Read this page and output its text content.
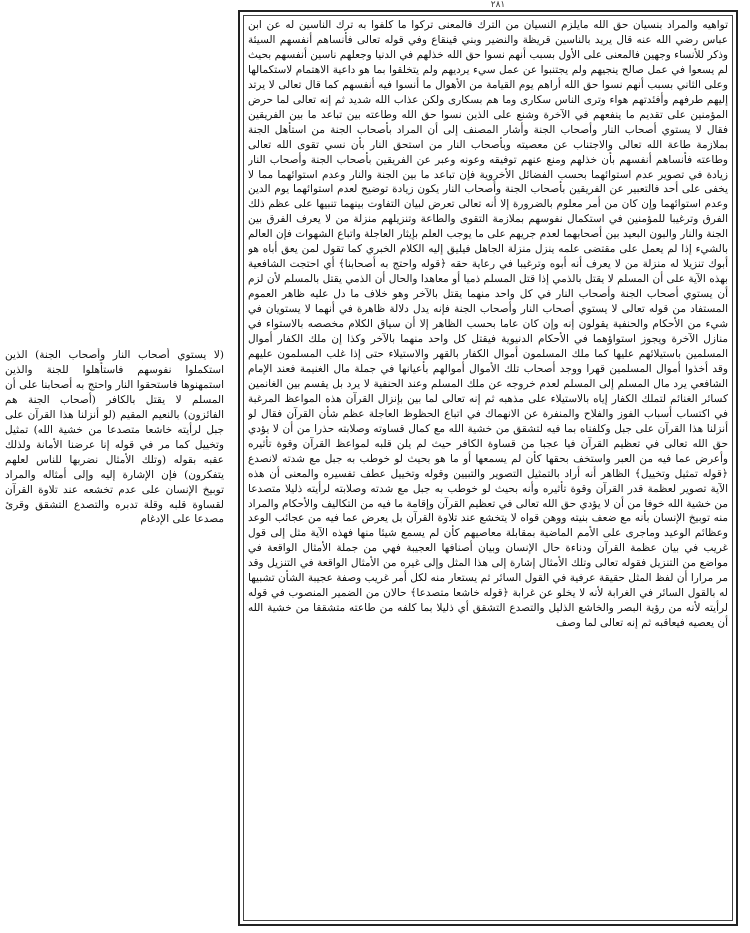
٢٨١

تواهيه والمراد بنسيان حق الله مايلزم النسيان من الترك فالمعنى تركوا ما كلفوا به ترك الناسين له عن ابن عباس رضي الله عنه قال يريد بالناسين قريظة والنضير وبني قينقاع وفي قوله تعالى فأنساهم أنفسهم السيئة وذكر للأنساء وجهين فالمعنى على الأول بسبب أنهم نسوا حق الله خذلهم في الدنيا وجعلهم ناسين أنفسهم بحيث لم يسعوا في عمل صالح ينجيهم ولم يجتنبوا عن عمل سيء يرديهم ولم يتخلقوا بما هو داعية الاهتمام لاستكمالها وعلى الثاني بسبب أنهم نسوا حق الله أراهم يوم القيامة من الأهوال ما أنسوا فيه أنفسهم كما قال تعالى لا يرتد إليهم طرفهم وأفئدتهم هواء وترى الناس سكارى وما هم بسكارى ولكن عذاب الله شديد ثم إنه تعالى لما حرض المؤمنين على تقديم ما ينفعهم في الآخرة وشنع على الذين نسوا حق الله وطاعته بين تباعد ما بين الفريقين فقال لا يستوي أصحاب النار وأصحاب الجنة وأشار المصنف إلى أن المراد بأصحاب الجنة من استأهل الجنة بملازمة طاعة الله تعالى والاجتناب عن معصيته وبأصحاب النار من استحق النار بأن نسي تقوى الله تعالى وطاعته فأنساهم أنفسهم بأن خذلهم ومنع عنهم توفيقه وعونه وعبر عن الفريقين بأصحاب الجنة وأصحاب النار زيادة في تصوير عدم استوائهما بحسب الفضائل الأخروية فإن تباعد ما بين الجنة والنار وعدم استوائهما مما لا يخفى على أحد فالتعبير عن الفريقين بأصحاب الجنة وأصحاب النار يكون زيادة توضيح لعدم استوائهما يوم الدين وعدم استوائهما وإن كان من أمر معلوم بالضرورة إلا أنه تعالى تعرض لبيان التفاوت بينهما تنبيها على عظم ذلك الفرق وترغيبا للمؤمنين في استكمال نفوسهم بملازمة التقوى والطاعة وتنزيلهم منزلة من لا يعرف الفرق بين الجنة والنار والبون البعيد بين أصحابهما لعدم جريهم على ما يوجب العلم بإيثار العاجلة واتباع الشهوات فإن العالم بالشيء إذا لم يعمل على مقتضى علمه ينزل منزلة الجاهل فيليق إليه الكلام الخبري كما تقول لمن يعق أباه هو أبوك تنزيلا له منزلة من لا يعرف أنه أبوه وترغيبا في رعاية حقه ﴿قوله واحتج به أصحابنا﴾ أي احتجت الشافعية بهذه الآية على أن المسلم لا يقتل بالذمي إذا قتل المسلم ذميا أو معاهدا والحال أن الذمي يقتل بالمسلم لأن لزم أن يستوي أصحاب الجنة وأصحاب النار في كل واحد منهما يقتل بالآخر وهو خلاف ما دل عليه ظاهر العموم المستفاد من قوله تعالى لا يستوي أصحاب النار وأصحاب الجنة فإنه يدل دلالة ظاهرة في أنهما لا يستويان في شيء من الأحكام والحنفية يقولون إنه وإن كان عاما بحسب الظاهر إلا أن سياق الكلام مخصصه بالاستواء في منازل الآخرة ويجوز استواؤهما في الأحكام الدنيوية فيقتل كل واحد منهما بالآخر وكذا إن ملك الكفار أموال المسلمين باستيلائهم عليها كما ملك المسلمون أموال الكفار بالقهر والاستيلاء حتى إذا غلب المسلمون عليهم وقد أخذوا أموال المسلمين قهرا ووجد أصحاب تلك الأموال أموالهم بأعيانها في جملة مال الغنيمة فعند الإمام الشافعي يرد مال المسلم إلى المسلم لعدم خروجه عن ملك المسلم وعند الحنفية لا يرد بل يقسم بين الغانمين كسائر الغنائم لتملك الكفار إياه بالاستيلاء على مذهبه ثم إنه تعالى لما بين بإنزال القرآن هذه المواعظ المرغبة في اكتساب أسباب الفوز والفلاح والمنفرة عن الانهماك في اتباع الحظوظ العاجلة عظم شأن القرآن فقال لو أنزلنا هذا القرآن على جبل وكلفناه بما فيه لتشقق من خشية الله مع كمال قساوته وصلابته حذرا من أن لا يؤدي حق الله تعالى في تعظيم القرآن فيا عجبا من قساوة الكافر حيث لم يلن قلبه لمواعظ القرآن وقوة تأثيره وأعرض عما فيه من العبر واستخف بحقها كأن لم يسمعها أو ما هو بحيث لو خوطب به جبل مع شدته لانصدع ﴿قوله تمثيل وتخييل﴾ الظاهر أنه أراد بالتمثيل التصوير والتبيين وقوله وتخييل عطف تفسيره والمعنى أن هذه الآية تصوير لعظمة قدر القرآن وقوة تأثيره وأنه بحيث لو خوطب به جبل مع شدته وصلابته لرأيته ذليلا متصدعا من خشية الله خوفا من أن لا يؤدي حق الله تعالى في تعظيم القرآن وإقامة ما فيه من التكاليف والأحكام والمراد منه توبيخ الإنسان بأنه مع ضعف بنيته ووهن قواه لا يتخشع عند تلاوة القرآن بل يعرض عما فيه من عجائب الوعد وعظائم الوعيد وماجرى على الأمم الماضية بمقابلة معاصيهم كأن لم يسمع شيئا منها فهذه الآية مثل إلى قول غريب في بيان عظمة القرآن ودناءة حال الإنسان وبيان أصنافها العجيبة فهي من جملة الأمثال الواقعة في مواضع من التنزيل فقوله تعالى وتلك الأمثال إشارة إلى هذا المثل وإلى غيره من الأمثال الواقعة في التنزيل وقد مر مرارا أن لفظ المثل حقيقة عرفية في القول السائر ثم يستعار منه لكل أمر غريب وصفة عجيبة الشأن تشبيها له بالقول السائر في الغرابة لأنه لا يخلو عن غرابة ﴿قوله خاشعا متصدعا﴾ حالان من الضمير المنصوب في قوله لرأيته لأنه من رؤية البصر والخاشع الذليل والتصدع التشقق أي ذليلا بما كلفه من طاعته متشققا من خشية الله أن يعصيه فيعاقبه ثم إنه تعالى لما وصف

(لا يستوي أصحاب النار وأصحاب الجنة) الذين استكملوا نفوسهم فاستأهلوا للجنة والذين استمهنوها فاستحقوا النار واحتج به أصحابنا على أن المسلم لا يقتل بالكافر (أصحاب الجنة هم الفائزون) بالنعيم المقيم (لو أنزلنا هذا القرآن على جبل لرأيته خاشعا متصدعا من خشية الله) تمثيل وتخييل كما مر في قوله إنا عرضنا الأمانة ولذلك عقبه بقوله (وتلك الأمثال نضربها للناس لعلهم يتفكرون) فإن الإشارة إليه وإلى أمثاله والمراد توبيخ الإنسان على عدم تخشعه عند تلاوة القرآن لقساوة قلبه وقلة تدبره والتصدع التشقق وقرئ مصدعا على الإدغام
